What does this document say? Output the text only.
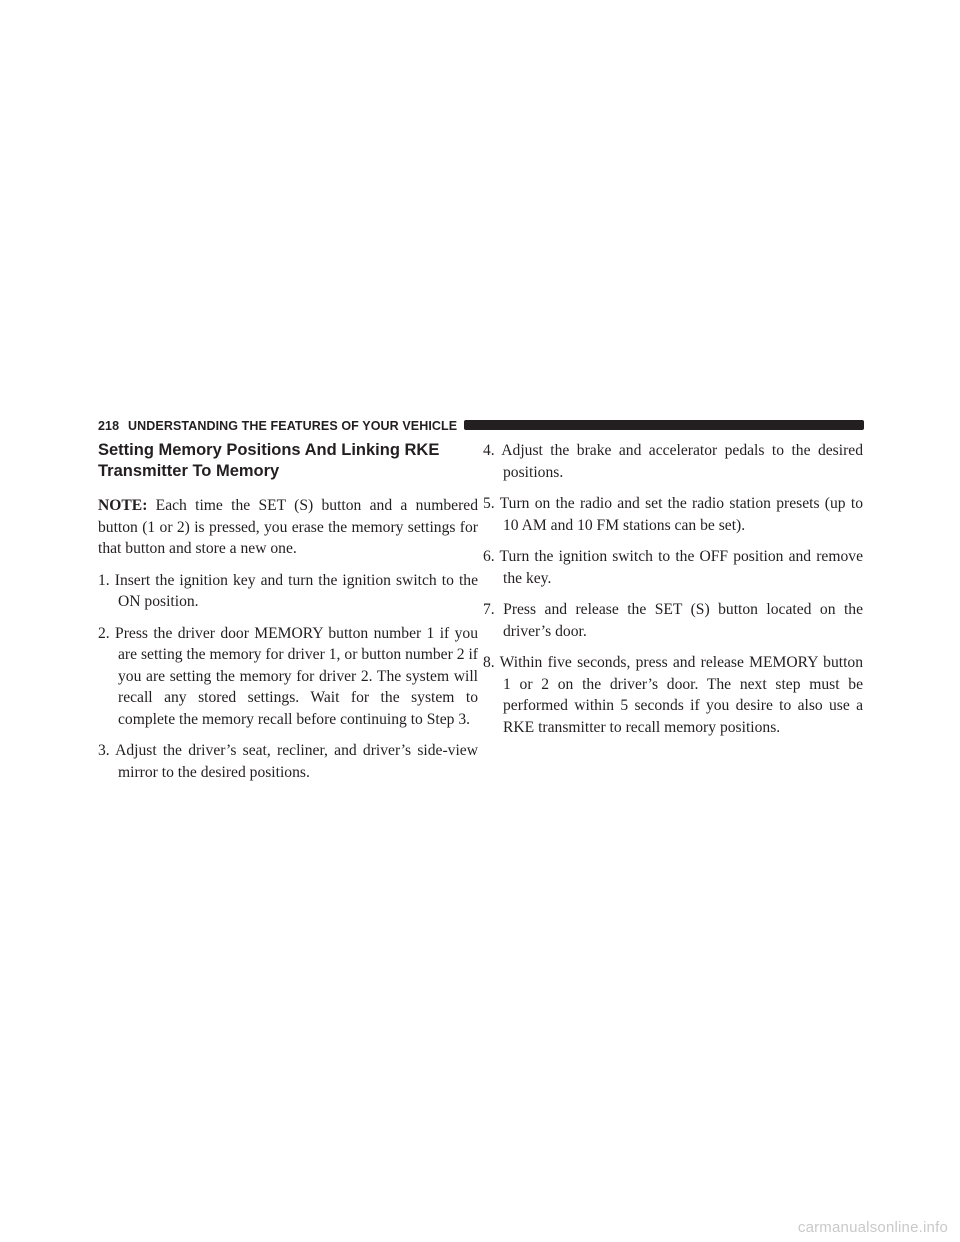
218 UNDERSTANDING THE FEATURES OF YOUR VEHICLE
Setting Memory Positions And Linking RKE Transmitter To Memory

NOTE: Each time the SET (S) button and a numbered button (1 or 2) is pressed, you erase the memory settings for that button and store a new one.

1. Insert the ignition key and turn the ignition switch to the ON position.
2. Press the driver door MEMORY button number 1 if you are setting the memory for driver 1, or button number 2 if you are setting the memory for driver 2. The system will recall any stored settings. Wait for the system to complete the memory recall before continuing to Step 3.
3. Adjust the driver’s seat, recliner, and driver’s side-view mirror to the desired positions.
4. Adjust the brake and accelerator pedals to the desired positions.
5. Turn on the radio and set the radio station presets (up to 10 AM and 10 FM stations can be set).
6. Turn the ignition switch to the OFF position and remove the key.
7. Press and release the SET (S) button located on the driver’s door.
8. Within five seconds, press and release MEMORY button 1 or 2 on the driver’s door. The next step must be performed within 5 seconds if you desire to also use a RKE transmitter to recall memory positions.
carmanualsonline.info
